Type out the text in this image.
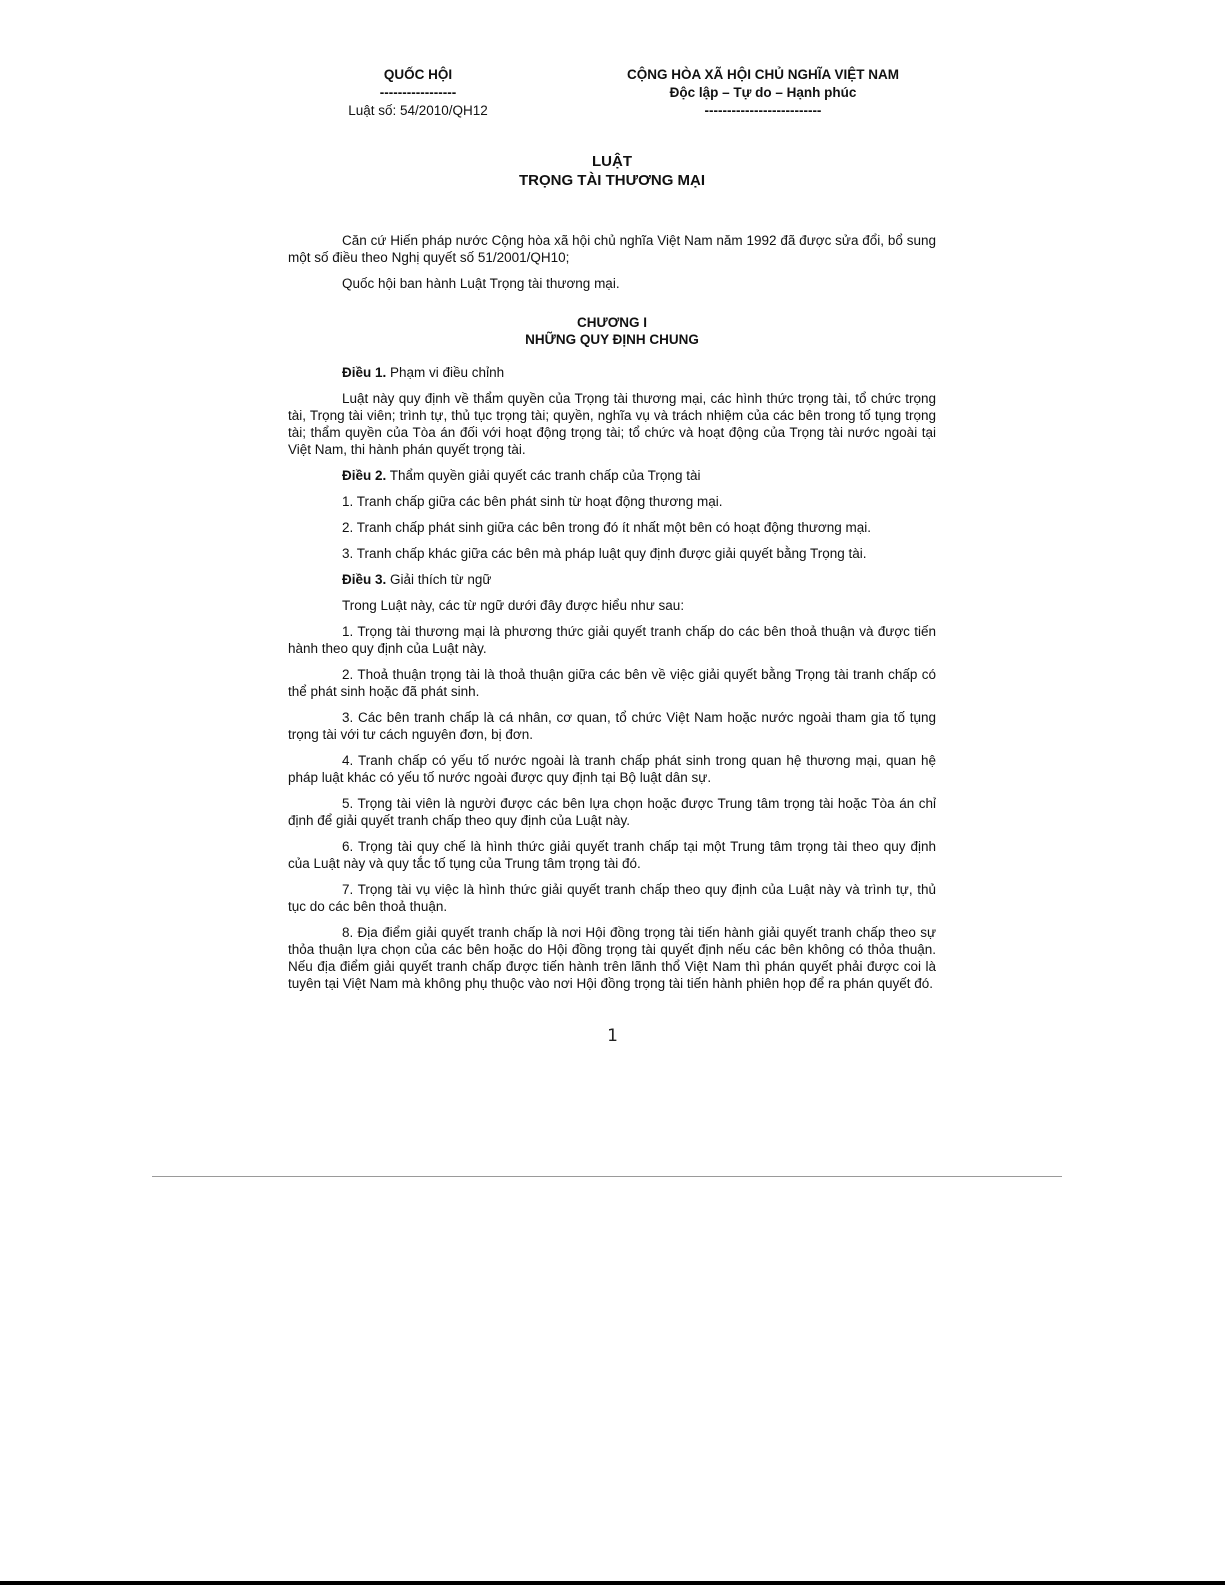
QUỐC HỘI
-----------------
Luật số: 54/2010/QH12
CỘNG HÒA XÃ HỘI CHỦ NGHĨA VIỆT NAM
Độc lập – Tự do – Hạnh phúc
--------------------------
LUẬT
TRỌNG TÀI THƯƠNG MẠI

Căn cứ Hiến pháp nước Cộng hòa xã hội chủ nghĩa Việt Nam năm 1992 đã được sửa đổi, bổ sung một số điều theo Nghị quyết số 51/2001/QH10;

Quốc hội ban hành Luật Trọng tài thương mại.

CHƯƠNG I
NHỮNG QUY ĐỊNH CHUNG

Điều 1. Phạm vi điều chỉnh

Luật này quy định về thẩm quyền của Trọng tài thương mại, các hình thức trọng tài, tổ chức trọng tài, Trọng tài viên; trình tự, thủ tục trọng tài; quyền, nghĩa vụ và trách nhiệm của các bên trong tố tụng trọng tài; thẩm quyền của Tòa án đối với hoạt động trọng tài; tổ chức và hoạt động của Trọng tài nước ngoài tại Việt Nam, thi hành phán quyết trọng tài.

Điều 2. Thẩm quyền giải quyết các tranh chấp của Trọng tài

1. Tranh chấp giữa các bên phát sinh từ hoạt động thương mại.

2. Tranh chấp phát sinh giữa các bên trong đó ít nhất một bên có hoạt động thương mại.

3. Tranh chấp khác giữa các bên mà pháp luật quy định được giải quyết bằng Trọng tài.

Điều 3. Giải thích từ ngữ

Trong Luật này, các từ ngữ dưới đây được hiểu như sau:

1. Trọng tài thương mại là phương thức giải quyết tranh chấp do các bên thoả thuận và được tiến hành theo quy định của Luật này.

2. Thoả thuận trọng tài là thoả thuận giữa các bên về việc giải quyết bằng Trọng tài tranh chấp có thể phát sinh hoặc đã phát sinh.

3. Các bên tranh chấp là cá nhân, cơ quan, tổ chức Việt Nam hoặc nước ngoài tham gia tố tụng trọng tài với tư cách nguyên đơn, bị đơn.

4. Tranh chấp có yếu tố nước ngoài là tranh chấp phát sinh trong quan hệ thương mại, quan hệ pháp luật khác có yếu tố nước ngoài được quy định tại Bộ luật dân sự.

5. Trọng tài viên là người được các bên lựa chọn hoặc được Trung tâm trọng tài hoặc Tòa án chỉ định để giải quyết tranh chấp theo quy định của Luật này.

6. Trọng tài quy chế là hình thức giải quyết tranh chấp tại một Trung tâm trọng tài theo quy định của Luật này và quy tắc tố tụng của Trung tâm trọng tài đó.

7. Trọng tài vụ việc là hình thức giải quyết tranh chấp theo quy định của Luật này và trình tự, thủ tục do các bên thoả thuận.

8. Địa điểm giải quyết tranh chấp là nơi Hội đồng trọng tài tiến hành giải quyết tranh chấp theo sự thỏa thuận lựa chọn của các bên hoặc do Hội đồng trọng tài quyết định nếu các bên không có thỏa thuận. Nếu địa điểm giải quyết tranh chấp được tiến hành trên lãnh thổ Việt Nam thì phán quyết phải được coi là tuyên tại Việt Nam mà không phụ thuộc vào nơi Hội đồng trọng tài tiến hành phiên họp để ra phán quyết đó.

1
